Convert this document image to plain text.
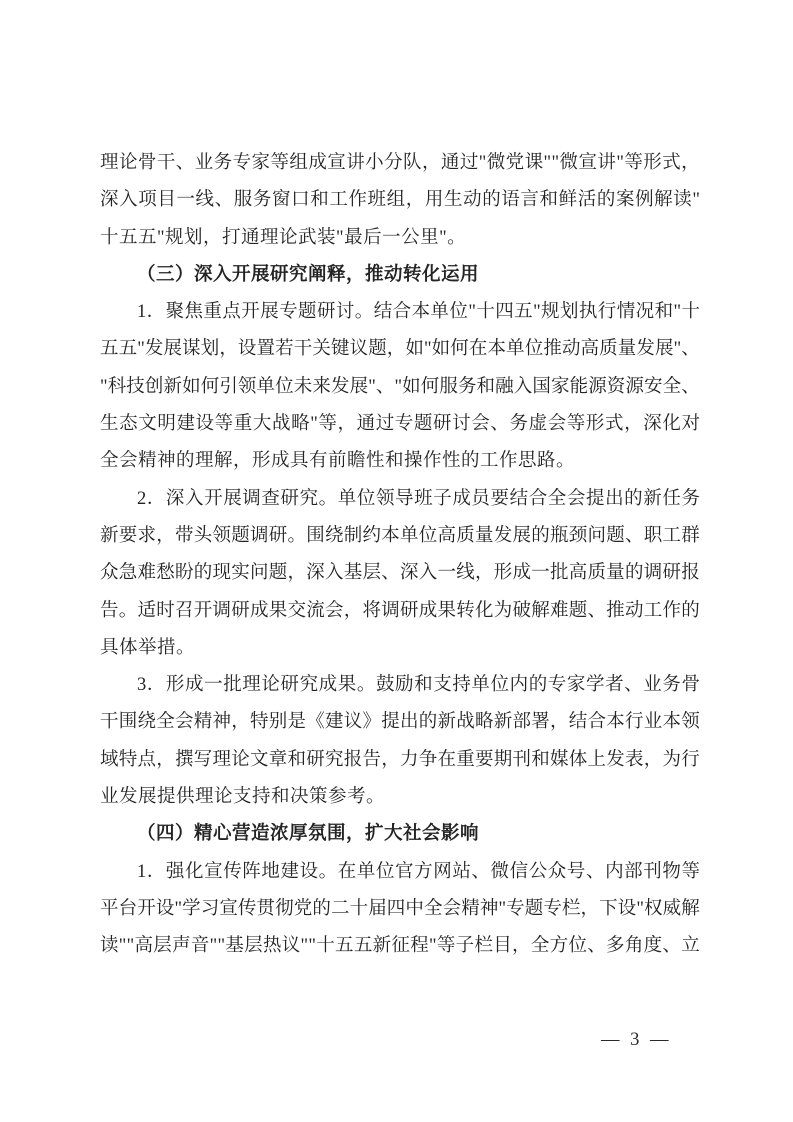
理 论 骨 干 、 业 务 专 家 等 组 成 宣 讲 小 分 队 ， 通 过 " 微 党 课 " " 微 宣 讲 " 等 形 式 ，
深 入 项 目 一 线 、 服 务 窗 口 和 工 作 班 组 ， 用 生 动 的 语 言 和 鲜 活 的 案 例 解 读 "
十五五"规划，打通理论武装"最后一公里"。
（三）深入开展研究阐释，推动转化运用
1 ． 聚 焦 重 点 开 展 专 题 研 讨 。 结 合 本 单 位 " 十 四 五 " 规 划 执 行 情 况 和 " 十
五 五 " 发 展 谋 划 ， 设 置 若 干 关 键 议 题 ， 如 " 如 何 在 本 单 位 推 动 高 质 量 发 展 " 、
" 科 技 创 新 如 何 引 领 单 位 未 来 发 展 " 、 " 如 何 服 务 和 融 入 国 家 能 源 资 源 安 全 、
生 态 文 明 建 设 等 重 大 战 略 " 等 ， 通 过 专 题 研 讨 会 、 务 虚 会 等 形 式 ， 深 化 对
全会精神的理解，形成具有前瞻性和操作性的工作思路。
2 ． 深 入 开 展 调 查 研 究 。 单 位 领 导 班 子 成 员 要 结 合 全 会 提 出 的 新 任 务
新 要 求 ， 带 头 领 题 调 研 。 围 绕 制 约 本 单 位 高 质 量 发 展 的 瓶 颈 问 题 、 职 工 群
众 急 难 愁 盼 的 现 实 问 题 ， 深 入 基 层 、 深 入 一 线 ， 形 成 一 批 高 质 量 的 调 研 报
告 。 适 时 召 开 调 研 成 果 交 流 会 ， 将 调 研 成 果 转 化 为 破 解 难 题 、 推 动 工 作 的
具体举措。
3 ． 形 成 一 批 理 论 研 究 成 果 。 鼓 励 和 支 持 单 位 内 的 专 家 学 者 、 业 务 骨
干 围 绕 全 会 精 神 ， 特 别 是 《 建 议 》 提 出 的 新 战 略 新 部 署 ， 结 合 本 行 业 本 领
域 特 点 ， 撰 写 理 论 文 章 和 研 究 报 告 ， 力 争 在 重 要 期 刊 和 媒 体 上 发 表 ， 为 行
业发展提供理论支持和决策参考。
（四）精心营造浓厚氛围，扩大社会影响
1 ． 强 化 宣 传 阵 地 建 设 。 在 单 位 官 方 网 站 、 微 信 公 众 号 、 内 部 刊 物 等
平 台 开 设 " 学 习 宣 传 贯 彻 党 的 二 十 届 四 中 全 会 精 神 " 专 题 专 栏 ， 下 设 " 权 威 解
读 " " 高 层 声 音 " " 基 层 热 议 " " 十 五 五 新 征 程 " 等 子 栏 目 ， 全 方 位 、 多 角 度 、 立
— 3 —
